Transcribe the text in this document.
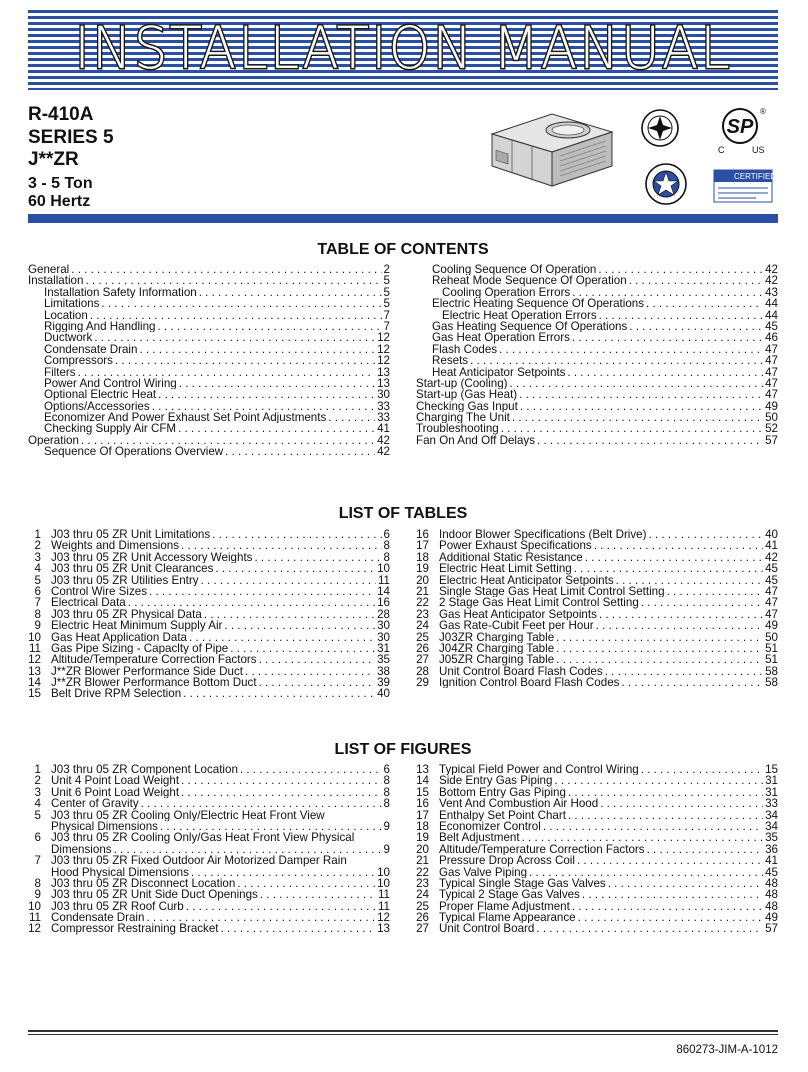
INSTALLATION MANUAL
R-410A
SERIES 5
J**ZR
3 - 5 Ton
60 Hertz
SP
®
C	US
CERTIFIED
TABLE OF CONTENTS
General . . .	2
Installation . . .	5
Installation Safety Information . . .	5
Limitations . . .	5
Location . . .	7
Rigging And Handling . . .	7
Ductwork . . .	12
Condensate Drain . . .	12
Compressors . . .	12
Filters . . .	13
Power And Control Wiring . . .	13
Optional Electric Heat . . .	30
Options/Accessories . . .	33
Economizer And Power Exhaust Set Point Adjustments . . .	33
Checking Supply Air CFM . . .	41
Operation . . .	42
Sequence Of Operations Overview . . .	42
Cooling Sequence Of Operation . . .	42
Reheat Mode Sequence Of Operation . . .	42
Cooling Operation Errors . . .	43
Electric Heating Sequence Of Operations . . .	44
Electric Heat Operation Errors . . .	44
Gas Heating Sequence Of Operations . . .	45
Gas Heat Operation Errors . . .	46
Flash Codes . . .	47
Resets . . .	47
Heat Anticipator Setpoints . . .	47
Start-up (Cooling) . . .	47
Start-up (Gas Heat) . . .	47
Checking Gas Input . . .	49
Charging The Unit . . .	50
Troubleshooting . . .	52
Fan On And Off Delays . . .	57
LIST OF TABLES
1 J03 thru 05 ZR Unit Limitations . . .	6
2 Weights and Dimensions . . .	8
3 J03 thru 05 ZR Unit Accessory Weights . . .	8
4 J03 thru 05 ZR Unit Clearances . . .	10
5 J03 thru 05 ZR Utilities Entry . . .	11
6 Control Wire Sizes . . .	14
7 Electrical Data . . .	16
8 J03 thru 05 ZR Physical Data . . .	28
9 Electric Heat Minimum Supply Air . . .	30
10 Gas Heat Application Data . . .	30
11 Gas Pipe Sizing - Capaclty of Pipe . . .	31
12 Altitude/Temperature Correction Factors . . .	35
13 J**ZR Blower Performance Side Duct . . .	38
14 J**ZR Blower Performance Bottom Duct . . .	39
15 Belt Drive RPM Selection . . .	40
16 Indoor Blower Specifications (Belt Drive) . . .	40
17 Power Exhaust Specifications . . .	41
18 Additional Static Resistance . . .	42
19 Electric Heat Limit Setting . . .	45
20 Electric Heat Anticipator Setpoints . . .	45
21 Single Stage Gas Heat Limit Control Setting . . .	47
22 2 Stage Gas Heat Limit Control Setting . . .	47
23 Gas Heat Anticipator Setpoints . . .	47
24 Gas Rate-Cubit Feet per Hour . . .	49
25 J03ZR Charging Table . . .	50
26 J04ZR Charging Table . . .	51
27 J05ZR Charging Table . . .	51
28 Unit Control Board Flash Codes . . .	58
29 Ignition Control Board Flash Codes . . .	58
LIST OF FIGURES
1 J03 thru 05 ZR Component Location . . .	6
2 Unit 4 Point Load Weight . . .	8
3 Unit 6 Point Load Weight . . .	8
4 Center of Gravity . . .	8
5 J03 thru 05 ZR Cooling Only/Electric Heat Front View
Physical Dimensions . . .	9
6 J03 thru 05 ZR Cooling Only/Gas Heat Front View Physical
Dimensions . . .	9
7 J03 thru 05 ZR Fixed Outdoor Air Motorized Damper Rain
Hood Physical Dimensions . . .	10
8 J03 thru 05 ZR Disconnect Location . . .	10
9 J03 thru 05 ZR Unit Side Duct Openings . . .	11
10 J03 thru 05 ZR Roof Curb . . .	11
11 Condensate Drain . . .	12
12 Compressor Restraining Bracket . . .	13
13 Typical Field Power and Control Wiring . . .	15
14 Side Entry Gas Piping . . .	31
15 Bottom Entry Gas Piping . . .	31
16 Vent And Combustion Air Hood . . .	33
17 Enthalpy Set Point Chart . . .	34
18 Economizer Control . . .	34
19 Belt Adjustment . . .	35
20 Altitude/Temperature Correction Factors . . .	36
21 Pressure Drop Across Coil . . .	41
22 Gas Valve Piping . . .	45
23 Typical Single Stage Gas Valves . . .	48
24 Typical 2 Stage Gas Valves . . .	48
25 Proper Flame Adjustment . . .	48
26 Typical Flame Appearance . . .	49
27 Unit Control Board . . .	57
860273-JIM-A-1012
